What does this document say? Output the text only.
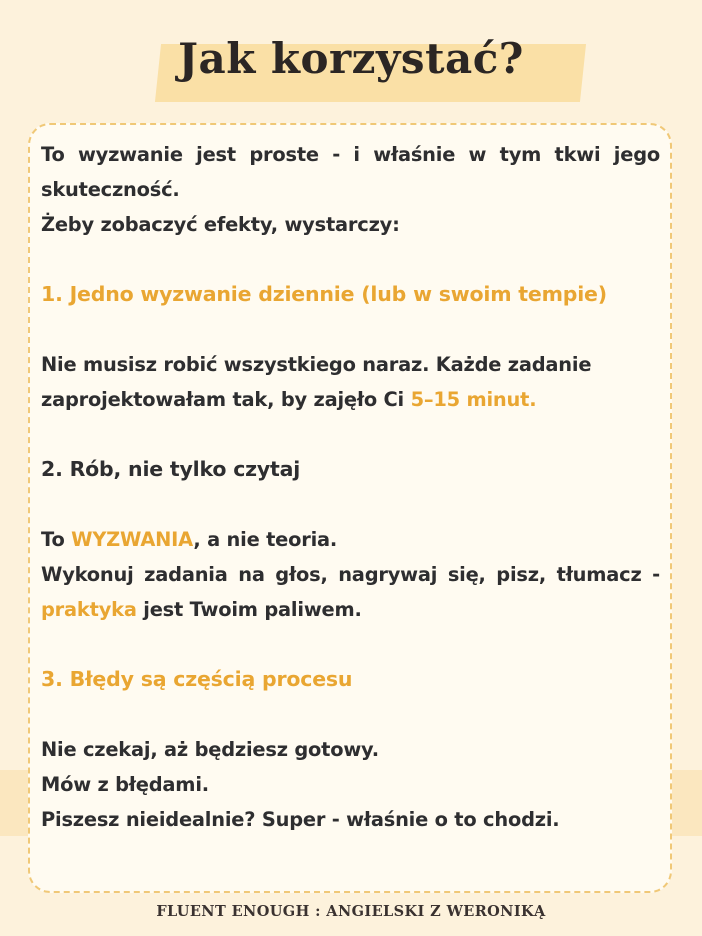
Jak korzystać?

To wyzwanie jest proste - i właśnie w tym tkwi jego skuteczność.

Żeby zobaczyć efekty, wystarczy:

1. Jedno wyzwanie dziennie (lub w swoim tempie)

Nie musisz robić wszystkiego naraz. Każde zadanie zaprojektowałam tak, by zajęło Ci 5–15 minut.

2. Rób, nie tylko czytaj

To WYZWANIA, a nie teoria.

Wykonuj zadania na głos, nagrywaj się, pisz, tłumacz - praktyka jest Twoim paliwem.

3. Błędy są częścią procesu

Nie czekaj, aż będziesz gotowy.

Mów z błędami.

Piszesz nieidealnie? Super - właśnie o to chodzi.

FLUENT ENOUGH : ANGIELSKI Z WERONIKĄ
